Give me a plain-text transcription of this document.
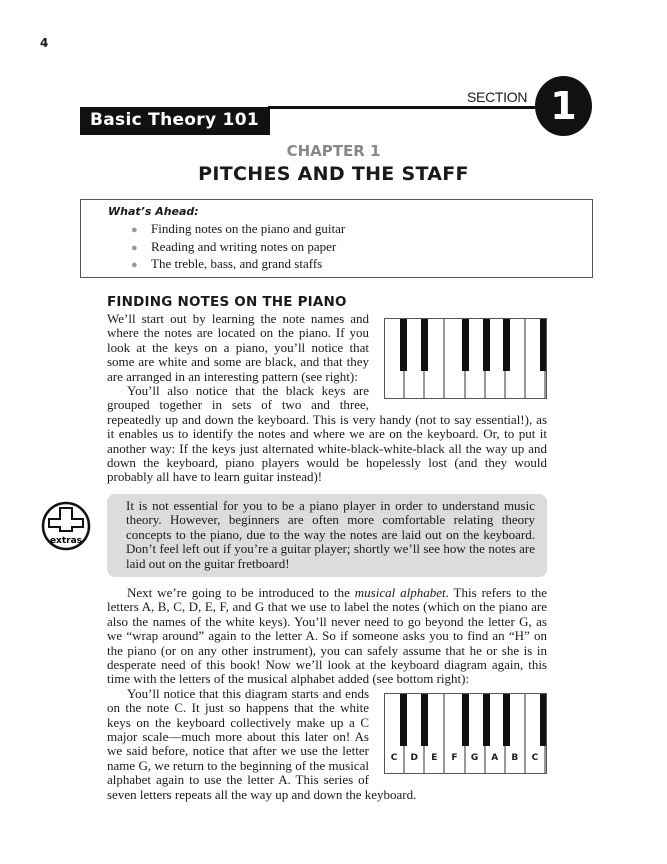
4
Basic Theory 101
SECTION 1
CHAPTER 1
PITCHES AND THE STAFF
What’s Ahead:
● Finding notes on the piano and guitar
● Reading and writing notes on paper
● The treble, bass, and grand staffs
FINDING NOTES ON THE PIANO

We’ll start out by learning the note names and where the notes are located on the piano. If you look at the keys on a piano, you’ll notice that some are white and some are black, and that they are arranged in an interesting pattern (see right):

You’ll also notice that the black keys are grouped together in sets of two and three, repeatedly up and down the keyboard. This is very handy (not to say essential!), as it enables us to identify the notes and where we are on the keyboard. Or, to put it another way: If the keys just alternated white-black-white-black all the way up and down the keyboard, piano players would be hopelessly lost (and they would probably all have to learn guitar instead)!

extras
It is not essential for you to be a piano player in order to understand music theory. However, beginners are often more comfortable relating theory concepts to the piano, due to the way the notes are laid out on the keyboard. Don’t feel left out if you’re a guitar player; shortly we’ll see how the notes are laid out on the guitar fretboard!

Next we’re going to be introduced to the musical alphabet. This refers to the letters A, B, C, D, E, F, and G that we use to label the notes (which on the piano are also the names of the white keys). You’ll never need to go beyond the letter G, as we “wrap around” again to the letter A. So if someone asks you to find an “H” on the piano (or on any other instrument), you can safely assume that he or she is in desperate need of this book! Now we’ll look at the keyboard diagram again, this time with the letters of the musical alphabet added (see bottom right):

C	D	E	F	G	A	B	C

You’ll notice that this diagram starts and ends on the note C. It just so happens that the white keys on the keyboard collectively make up a C major scale—much more about this later on! As we said before, notice that after we use the letter name G, we return to the beginning of the musical alphabet again to use the letter A. This series of seven letters repeats all the way up and down the keyboard.
